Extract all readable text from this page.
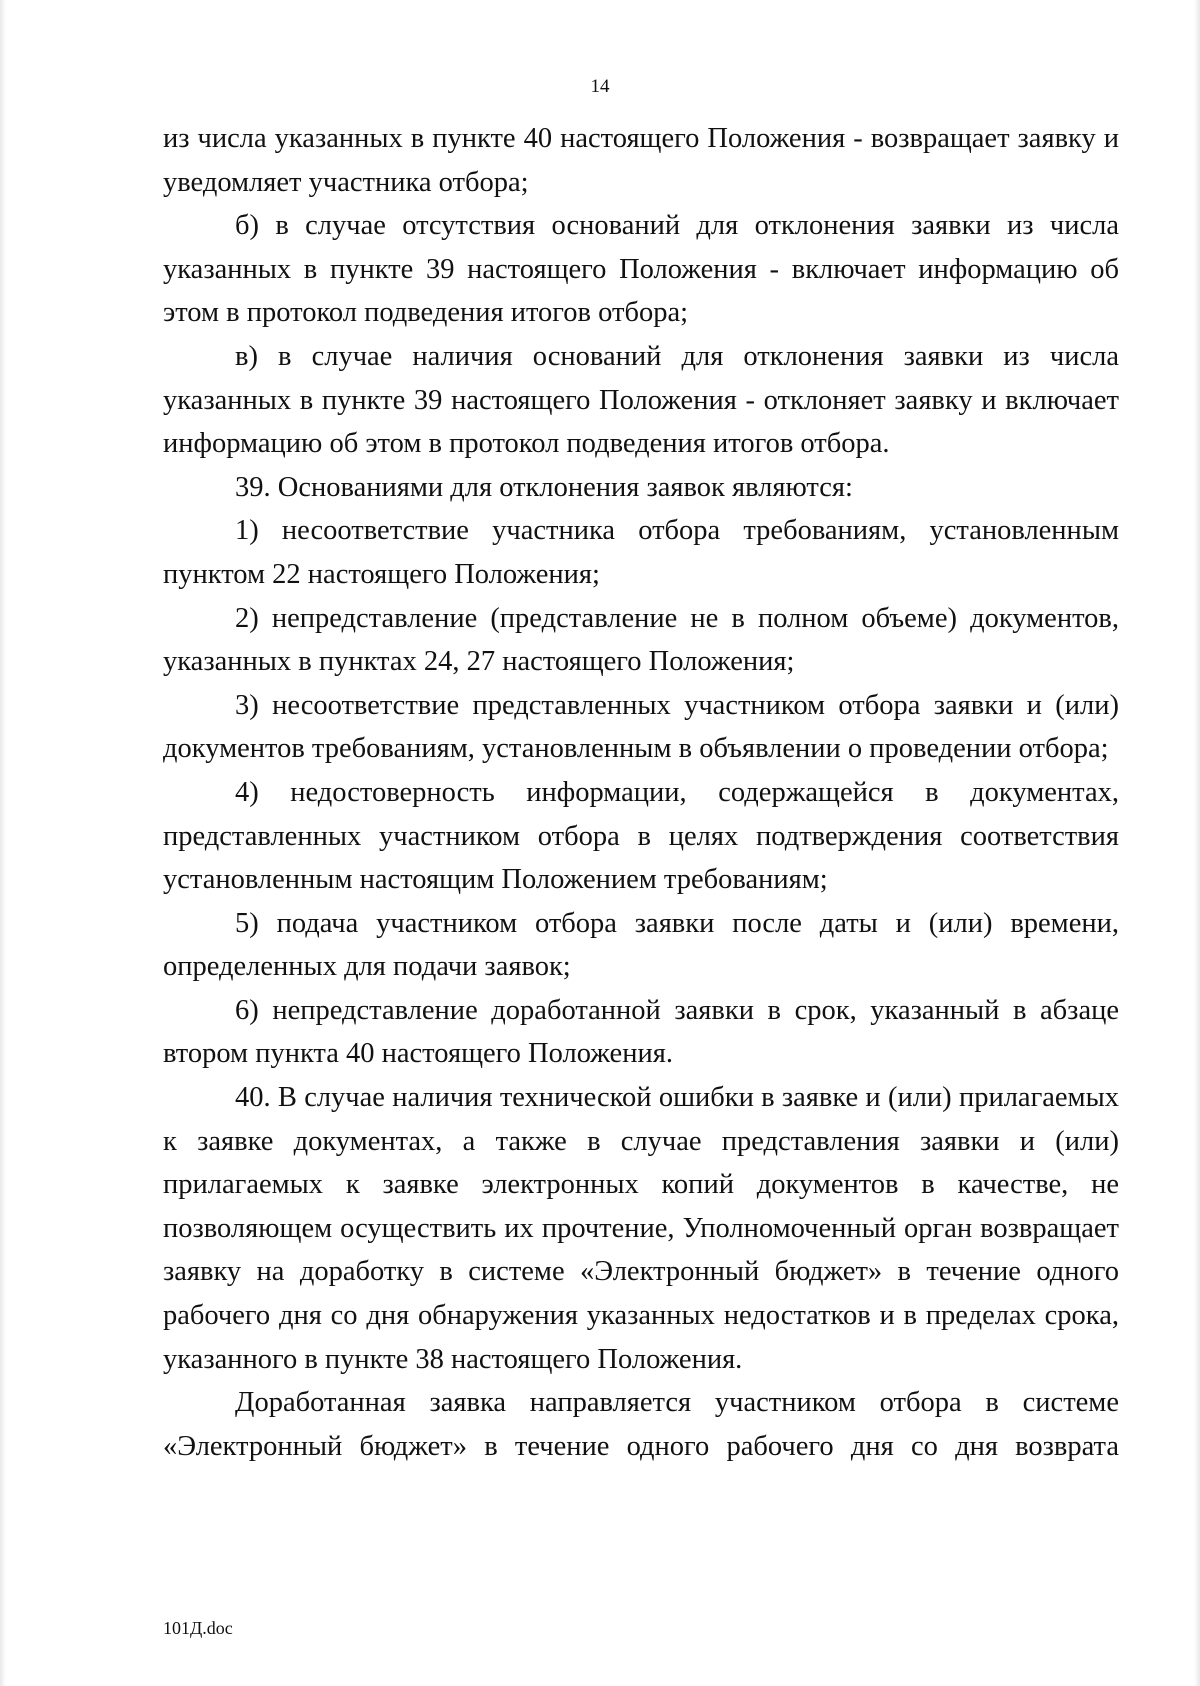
14

из числа указанных в пункте 40 настоящего Положения - возвращает заявку и уведомляет участника отбора;

б) в случае отсутствия оснований для отклонения заявки из числа указанных в пункте 39 настоящего Положения - включает информацию об этом в протокол подведения итогов отбора;

в) в случае наличия оснований для отклонения заявки из числа указанных в пункте 39 настоящего Положения - отклоняет заявку и включает информацию об этом в протокол подведения итогов отбора.

39. Основаниями для отклонения заявок являются:

1) несоответствие участника отбора требованиям, установленным пунктом 22 настоящего Положения;

2) непредставление (представление не в полном объеме) документов, указанных в пунктах 24, 27 настоящего Положения;

3) несоответствие представленных участником отбора заявки и (или) документов требованиям, установленным в объявлении о проведении отбора;

4) недостоверность информации, содержащейся в документах, представленных участником отбора в целях подтверждения соответствия установленным настоящим Положением требованиям;

5) подача участником отбора заявки после даты и (или) времени, определенных для подачи заявок;

6) непредставление доработанной заявки в срок, указанный в абзаце втором пункта 40 настоящего Положения.

40. В случае наличия технической ошибки в заявке и (или) прилагаемых к заявке документах, а также в случае представления заявки и (или) прилагаемых к заявке электронных копий документов в качестве, не позволяющем осуществить их прочтение, Уполномоченный орган возвращает заявку на доработку в системе «Электронный бюджет» в течение одного рабочего дня со дня обнаружения указанных недостатков и в пределах срока, указанного в пункте 38 настоящего Положения.

Доработанная заявка направляется участником отбора в системе «Электронный бюджет» в течение одного рабочего дня со дня возврата

101Д.doc
